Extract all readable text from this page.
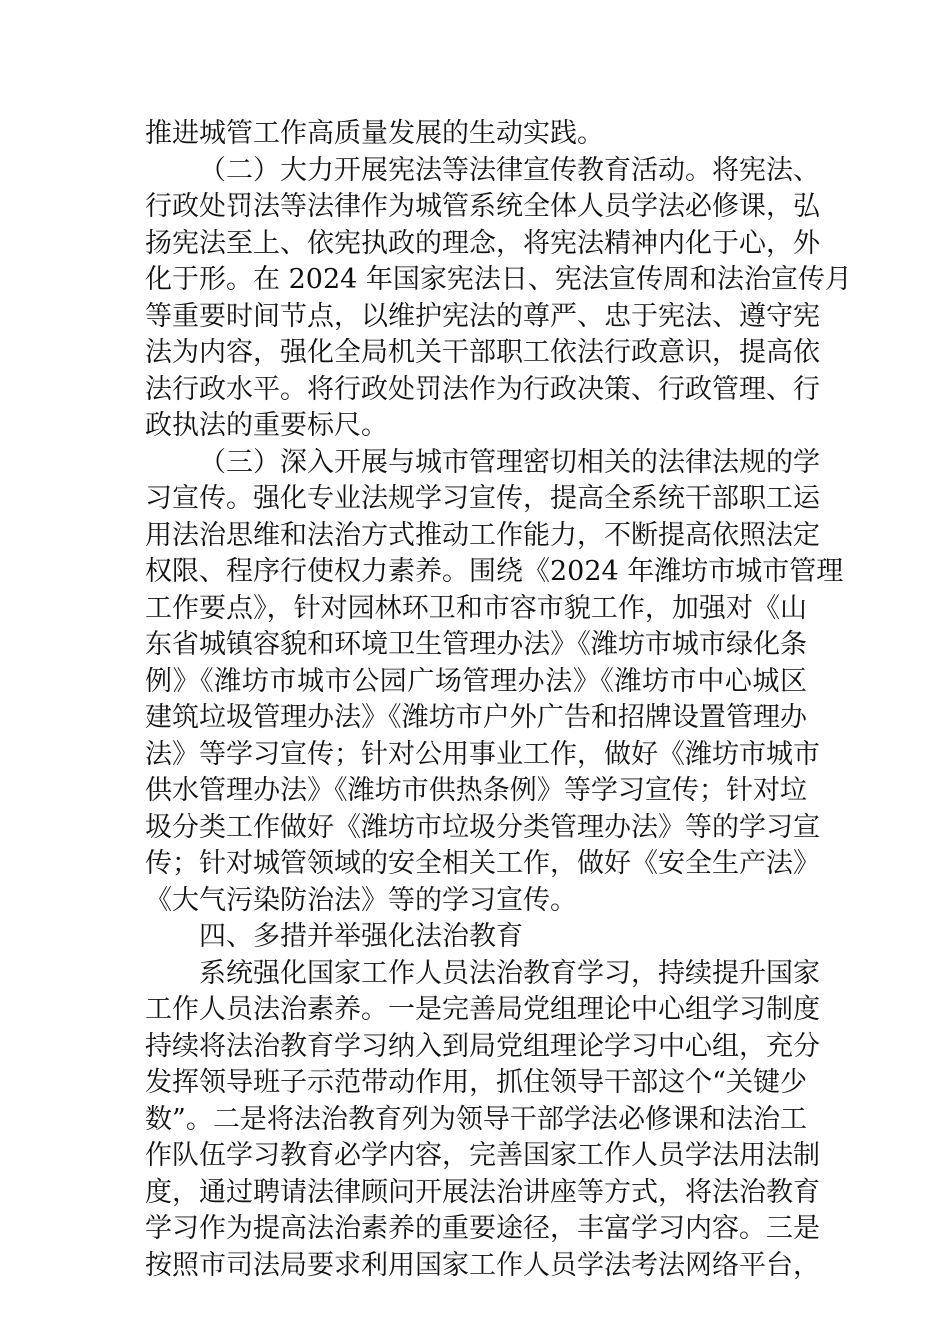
推进城管工作高质量发展的生动实践。
（二）大力开展宪法等法律宣传教育活动。将宪法、
行政处罚法等法律作为城管系统全体人员学法必修课，弘
扬宪法至上、依宪执政的理念，将宪法精神内化于心，外
化于形。在 2024 年国家宪法日、宪法宣传周和法治宣传月
等重要时间节点，以维护宪法的尊严、忠于宪法、遵守宪
法为内容，强化全局机关干部职工依法行政意识，提高依
法行政水平。将行政处罚法作为行政决策、行政管理、行
政执法的重要标尺。
（三）深入开展与城市管理密切相关的法律法规的学
习宣传。强化专业法规学习宣传，提高全系统干部职工运
用法治思维和法治方式推动工作能力，不断提高依照法定
权限、程序行使权力素养。围绕《2024 年潍坊市城市管理
工作要点》，针对园林环卫和市容市貌工作，加强对《山
东省城镇容貌和环境卫生管理办法》《潍坊市城市绿化条
例》《潍坊市城市公园广场管理办法》《潍坊市中心城区
建筑垃圾管理办法》《潍坊市户外广告和招牌设置管理办
法》等学习宣传；针对公用事业工作，做好《潍坊市城市
供水管理办法》《潍坊市供热条例》等学习宣传；针对垃
圾分类工作做好《潍坊市垃圾分类管理办法》等的学习宣
传；针对城管领域的安全相关工作，做好《安全生产法》
《大气污染防治法》等的学习宣传。
四、多措并举强化法治教育
系统强化国家工作人员法治教育学习，持续提升国家
工作人员法治素养。一是完善局党组理论中心组学习制度
持续将法治教育学习纳入到局党组理论学习中心组，充分
发挥领导班子示范带动作用，抓住领导干部这个“关键少
数”。二是将法治教育列为领导干部学法必修课和法治工
作队伍学习教育必学内容，完善国家工作人员学法用法制
度，通过聘请法律顾问开展法治讲座等方式，将法治教育
学习作为提高法治素养的重要途径，丰富学习内容。三是
按照市司法局要求利用国家工作人员学法考法网络平台，
